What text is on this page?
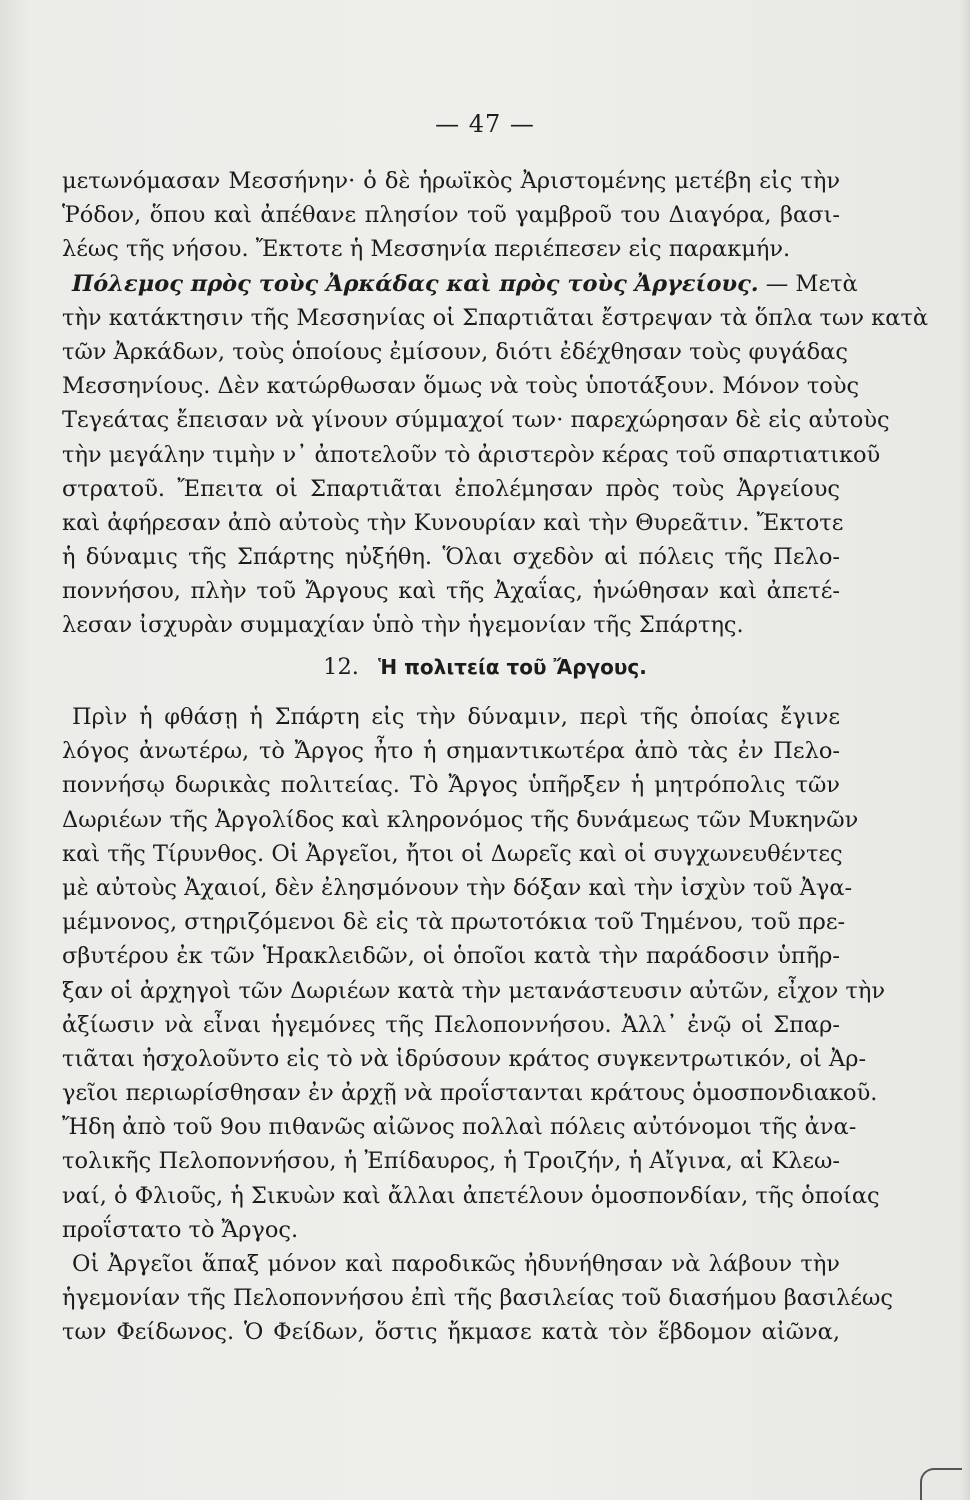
— 47 —
μετωνόμασαν Μεσσήνην· ὁ δὲ ἡρωϊκὸς Ἀριστομένης μετέβη εἰς τὴν
Ῥόδον, ὅπου καὶ ἀπέθανε πλησίον τοῦ γαμβροῦ του Διαγόρα, βασι-
λέως τῆς νήσου. Ἔκτοτε ἡ Μεσσηνία περιέπεσεν εἰς παρακμήν.
Πόλεμος πρὸς τοὺς Ἀρκάδας καὶ πρὸς τοὺς Ἀργείους. — Μετὰ
τὴν κατάκτησιν τῆς Μεσσηνίας οἱ Σπαρτιᾶται ἔστρεψαν τὰ ὅπλα των κατὰ
τῶν Ἀρκάδων, τοὺς ὁποίους ἐμίσουν, διότι ἐδέχθησαν τοὺς φυγάδας
Μεσσηνίους. Δὲν κατώρθωσαν ὅμως νὰ τοὺς ὑποτάξουν. Μόνον τοὺς
Τεγεάτας ἔπεισαν νὰ γίνουν σύμμαχοί των· παρεχώρησαν δὲ εἰς αὐτοὺς
τὴν μεγάλην τιμὴν ν᾽ ἀποτελοῦν τὸ ἀριστερὸν κέρας τοῦ σπαρτιατικοῦ
στρατοῦ. Ἔπειτα οἱ Σπαρτιᾶται ἐπολέμησαν πρὸς τοὺς Ἀργείους
καὶ ἀφήρεσαν ἀπὸ αὐτοὺς τὴν Κυνουρίαν καὶ τὴν Θυρεᾶτιν. Ἔκτοτε
ἡ δύναμις τῆς Σπάρτης ηὐξήθη. Ὅλαι σχεδὸν αἱ πόλεις τῆς Πελο-
ποννήσου, πλὴν τοῦ Ἄργους καὶ τῆς Ἀχαΐας, ἡνώθησαν καὶ ἀπετέ-
λεσαν ἰσχυρὰν συμμαχίαν ὑπὸ τὴν ἡγεμονίαν τῆς Σπάρτης.
12. Ἡ πολιτεία τοῦ Ἄργους.
Πρὶν ἡ φθάσῃ ἡ Σπάρτη εἰς τὴν δύναμιν, περὶ τῆς ὁποίας ἔγινε
λόγος ἀνωτέρω, τὸ Ἄργος ἦτο ἡ σημαντικωτέρα ἀπὸ τὰς ἐν Πελο-
ποννήσῳ δωρικὰς πολιτείας. Τὸ Ἄργος ὑπῆρξεν ἡ μητρόπολις τῶν
Δωριέων τῆς Ἀργολίδος καὶ κληρονόμος τῆς δυνάμεως τῶν Μυκηνῶν
καὶ τῆς Τίρυνθος. Οἱ Ἀργεῖοι, ἤτοι οἱ Δωρεῖς καὶ οἱ συγχωνευθέντες
μὲ αὐτοὺς Ἀχαιοί, δὲν ἐλησμόνουν τὴν δόξαν καὶ τὴν ἰσχὺν τοῦ Ἀγα-
μέμνονος, στηριζόμενοι δὲ εἰς τὰ πρωτοτόκια τοῦ Τημένου, τοῦ πρε-
σβυτέρου ἐκ τῶν Ἡρακλειδῶν, οἱ ὁποῖοι κατὰ τὴν παράδοσιν ὑπῆρ-
ξαν οἱ ἀρχηγοὶ τῶν Δωριέων κατὰ τὴν μετανάστευσιν αὐτῶν, εἶχον τὴν
ἀξίωσιν νὰ εἶναι ἡγεμόνες τῆς Πελοποννήσου. Ἀλλ᾽ ἐνῷ οἱ Σπαρ-
τιᾶται ἠσχολοῦντο εἰς τὸ νὰ ἱδρύσουν κράτος συγκεντρωτικόν, οἱ Ἀρ-
γεῖοι περιωρίσθησαν ἐν ἀρχῇ νὰ προΐστανται κράτους ὁμοσπονδιακοῦ.
Ἤδη ἀπὸ τοῦ 9ου πιθανῶς αἰῶνος πολλαὶ πόλεις αὐτόνομοι τῆς ἀνα-
τολικῆς Πελοποννήσου, ἡ Ἐπίδαυρος, ἡ Τροιζήν, ἡ Αἴγινα, αἱ Κλεω-
ναί, ὁ Φλιοῦς, ἡ Σικυὼν καὶ ἄλλαι ἀπετέλουν ὁμοσπονδίαν, τῆς ὁποίας
προΐστατο τὸ Ἄργος.
Οἱ Ἀργεῖοι ἅπαξ μόνον καὶ παροδικῶς ἠδυνήθησαν νὰ λάβουν τὴν
ἡγεμονίαν τῆς Πελοποννήσου ἐπὶ τῆς βασιλείας τοῦ διασήμου βασιλέως
των Φείδωνος. Ὁ Φείδων, ὅστις ἤκμασε κατὰ τὸν ἕβδομον αἰῶνα,
